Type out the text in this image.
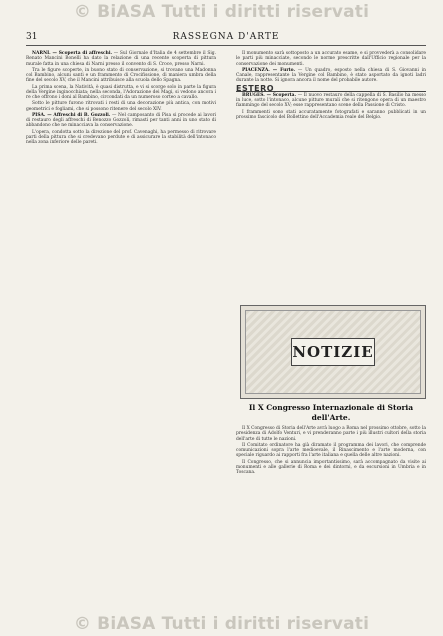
© BiASA Tutti i diritti riservati
31	RASSEGNA D'ARTE

NARNI. — Scoperta di affreschi. — Sul Giornale d'Italia de 4 settembre il Sig. Renato Mancini Bonelli ha dato la relazione di una recente scoperta di pittura murale fatta in una chiesa di Narni presso il convento di S. Croce, presso Narni.

Tra le figure scoperte, in buono stato di conservazione, si trovano una Madonna col Bambino, alcuni santi e un frammento di Crocifissione, di maniera umbra della fine del secolo XV, che il Mancini attribuisce alla scuola dello Spagna.

La prima scena, la Natività, è quasi distrutta, e vi si scorge solo in parte la figura della Vergine inginocchiata; nella seconda, l'Adorazione dei Magi, si vedono ancora i re che offrono i doni al Bambino, circondati da un numeroso corteo a cavallo.

Sotto le pitture furono ritrovati i resti di una decorazione più antica, con motivi geometrici e fogliami, che si possono ritenere del secolo XIV.

PISA. — Affreschi di B. Gozzoli. — Nel camposanto di Pisa si procede ai lavori di restauro degli affreschi di Benozzo Gozzoli, rimasti per tanti anni in uno stato di abbandono che ne minacciava la conservazione.

L'opera, condotta sotto la direzione del prof. Cavenaghi, ha permesso di ritrovare parti della pittura che si credevano perdute e di assicurare la stabilità dell'intonaco nella zona inferiore delle pareti.

Il monumento sarà sottoposto a un accurato esame, e si provvederà a consolidare le parti più minacciate, secondo le norme prescritte dall'Ufficio regionale per la conservazione dei monumenti.

PIACENZA. — Furto. — Un quadro, esposto nella chiesa di S. Giovanni in Canale, rappresentante la Vergine col Bambino, è stato asportato da ignoti ladri durante la notte. Si ignora ancora il nome del probabile autore.

ESTERO

BRUGES. — Scoperta. — Il nuovo restauro della cappella di S. Basilio ha messo in luce, sotto l'intonaco, alcune pitture murali che si ritengono opera di un maestro fiammingo del secolo XV; esse rappresentano scene della Passione di Cristo.

I frammenti sono stati accuratamente fotografati e saranno pubblicati in un prossimo fascicolo del Bollettino dell'Accademia reale del Belgio.

NOTIZIE
Il X Congresso Internazionale di Storia dell'Arte.

Il X Congresso di Storia dell'Arte avrà luogo a Roma nel prossimo ottobre, sotto la presidenza di Adolfo Venturi, e vi prenderanno parte i più illustri cultori della storia dell'arte di tutte le nazioni.

Il Comitato ordinatore ha già diramato il programma dei lavori, che comprende comunicazioni sopra l'arte medioevale, il Rinascimento e l'arte moderna, con speciale riguardo ai rapporti fra l'arte italiana e quella delle altre nazioni.

Il Congresso, che si annuncia importantissimo, sarà accompagnato da visite ai monumenti e alle gallerie di Roma e dei dintorni, e da escursioni in Umbria e in Toscana.

© BiASA Tutti i diritti riservati
